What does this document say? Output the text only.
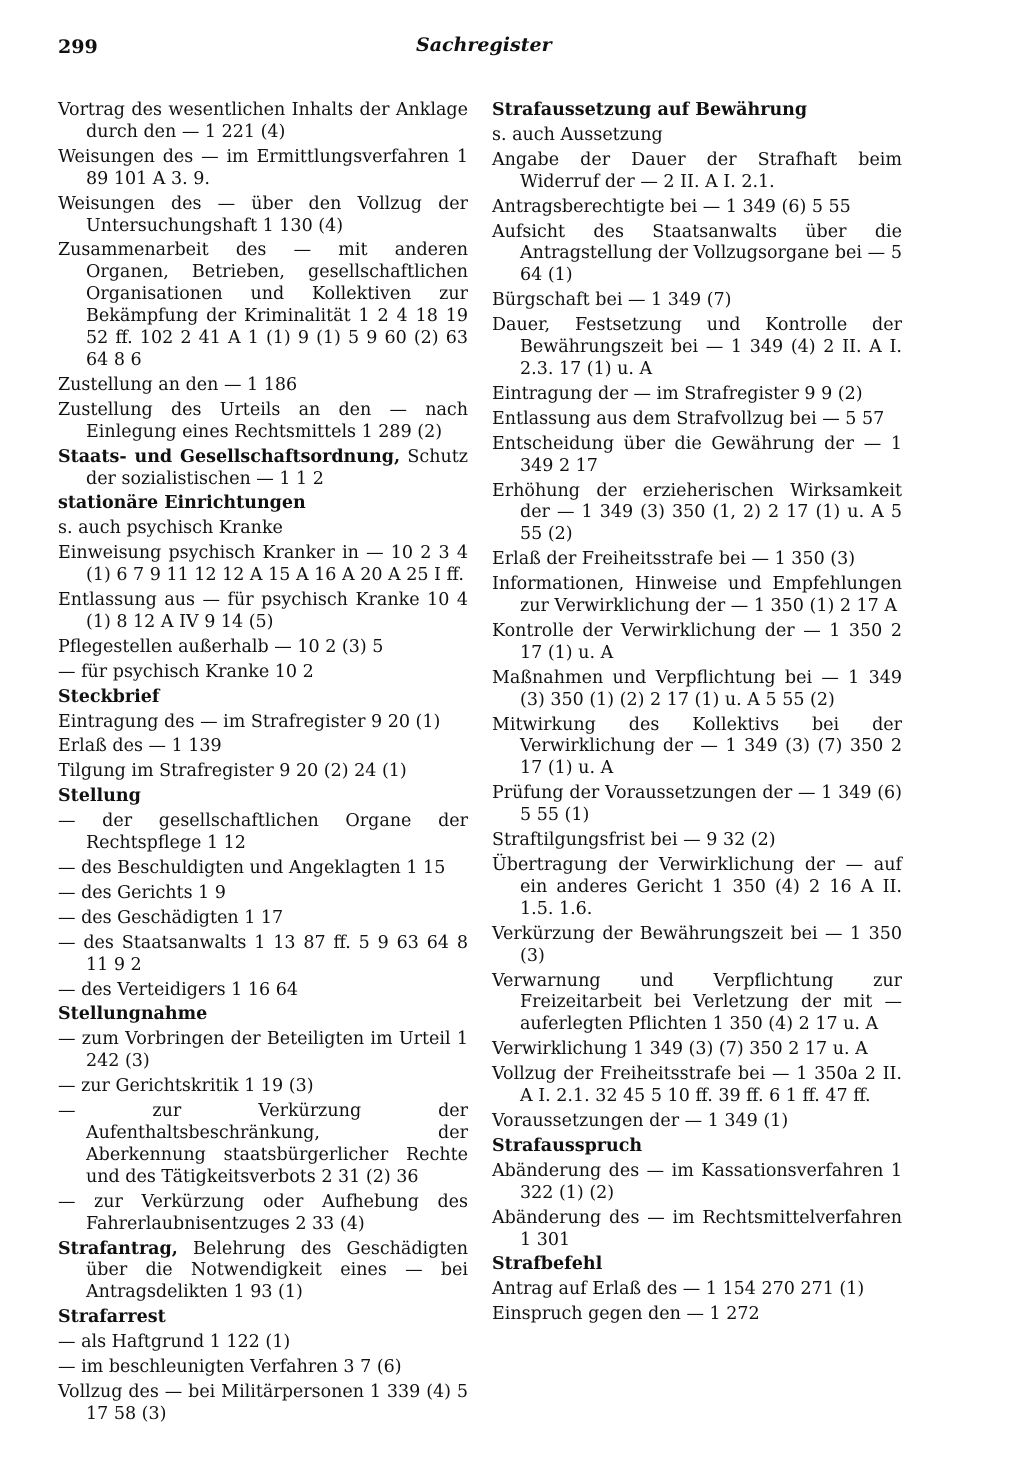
299	Sachregister
Vortrag des wesentlichen Inhalts der Anklage durch den — 1 221 (4)
Weisungen des — im Ermittlungsverfahren 1 89 101 A 3. 9.
Weisungen des — über den Vollzug der Untersuchungshaft 1 130 (4)
Zusammenarbeit des — mit anderen Organen, Betrieben, gesellschaftlichen Organisationen und Kollektiven zur Bekämpfung der Kriminalität 1 2 4 18 19 52 ff. 102 2 41 A 1 (1) 9 (1) 5 9 60 (2) 63 64 8 6
Zustellung an den — 1 186
Zustellung des Urteils an den — nach Einlegung eines Rechtsmittels 1 289 (2)
Staats- und Gesellschaftsordnung, Schutz der sozialistischen — 1 1 2
stationäre Einrichtungen
s. auch psychisch Kranke
Einweisung psychisch Kranker in — 10 2 3 4 (1) 6 7 9 11 12 12 A 15 A 16 A 20 A 25 I ff.
Entlassung aus — für psychisch Kranke 10 4 (1) 8 12 A IV 9 14 (5)
Pflegestellen außerhalb — 10 2 (3) 5
— für psychisch Kranke 10 2
Steckbrief
Eintragung des — im Strafregister 9 20 (1)
Erlaß des — 1 139
Tilgung im Strafregister 9 20 (2) 24 (1)
Stellung
— der gesellschaftlichen Organe der Rechtspflege 1 12
— des Beschuldigten und Angeklagten 1 15
— des Gerichts 1 9
— des Geschädigten 1 17
— des Staatsanwalts 1 13 87 ff. 5 9 63 64 8 11 9 2
— des Verteidigers 1 16 64
Stellungnahme
— zum Vorbringen der Beteiligten im Urteil 1 242 (3)
— zur Gerichtskritik 1 19 (3)
— zur Verkürzung der Aufenthaltsbeschränkung, der Aberkennung staatsbürgerlicher Rechte und des Tätigkeitsverbots 2 31 (2) 36
— zur Verkürzung oder Aufhebung des Fahrerlaubnisentzuges 2 33 (4)
Strafantrag, Belehrung des Geschädigten über die Notwendigkeit eines — bei Antragsdelikten 1 93 (1)
Strafarrest
— als Haftgrund 1 122 (1)
— im beschleunigten Verfahren 3 7 (6)
Vollzug des — bei Militärpersonen 1 339 (4) 5 17 58 (3)
Strafaussetzung auf Bewährung
s. auch Aussetzung
Angabe der Dauer der Strafhaft beim Widerruf der — 2 II. A I. 2.1.
Antragsberechtigte bei — 1 349 (6) 5 55
Aufsicht des Staatsanwalts über die Antragstellung der Vollzugsorgane bei — 5 64 (1)
Bürgschaft bei — 1 349 (7)
Dauer, Festsetzung und Kontrolle der Bewährungszeit bei — 1 349 (4) 2 II. A I. 2.3. 17 (1) u. A
Eintragung der — im Strafregister 9 9 (2)
Entlassung aus dem Strafvollzug bei — 5 57
Entscheidung über die Gewährung der — 1 349 2 17
Erhöhung der erzieherischen Wirksamkeit der — 1 349 (3) 350 (1, 2) 2 17 (1) u. A 5 55 (2)
Erlaß der Freiheitsstrafe bei — 1 350 (3)
Informationen, Hinweise und Empfehlungen zur Verwirklichung der — 1 350 (1) 2 17 A
Kontrolle der Verwirklichung der — 1 350 2 17 (1) u. A
Maßnahmen und Verpflichtung bei — 1 349 (3) 350 (1) (2) 2 17 (1) u. A 5 55 (2)
Mitwirkung des Kollektivs bei der Verwirklichung der — 1 349 (3) (7) 350 2 17 (1) u. A
Prüfung der Voraussetzungen der — 1 349 (6) 5 55 (1)
Straftilgungsfrist bei — 9 32 (2)
Übertragung der Verwirklichung der — auf ein anderes Gericht 1 350 (4) 2 16 A II. 1.5. 1.6.
Verkürzung der Bewährungszeit bei — 1 350 (3)
Verwarnung und Verpflichtung zur Freizeitarbeit bei Verletzung der mit — auferlegten Pflichten 1 350 (4) 2 17 u. A
Verwirklichung 1 349 (3) (7) 350 2 17 u. A
Vollzug der Freiheitsstrafe bei — 1 350a 2 II. A I. 2.1. 32 45 5 10 ff. 39 ff. 6 1 ff. 47 ff.
Voraussetzungen der — 1 349 (1)
Strafausspruch
Abänderung des — im Kassationsverfahren 1 322 (1) (2)
Abänderung des — im Rechtsmittelverfahren 1 301
Strafbefehl
Antrag auf Erlaß des — 1 154 270 271 (1)
Einspruch gegen den — 1 272
